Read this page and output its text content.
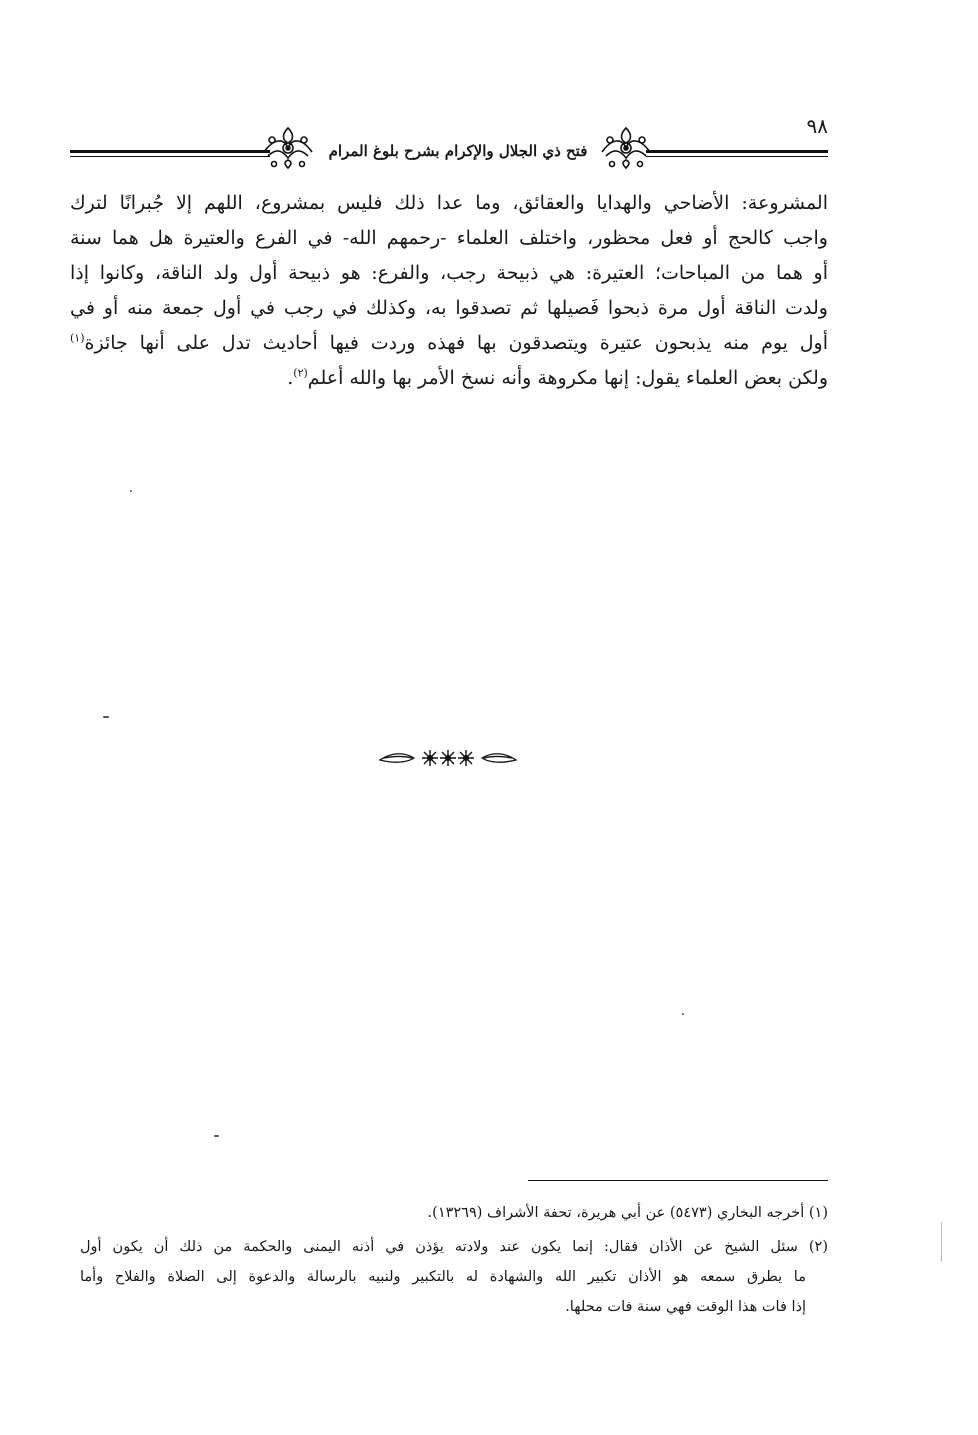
٩٨
فتح ذي الجلال والإكرام بشرح بلوغ المرام
المشروعة: الأضاحي والهدايا والعقائق، وما عدا ذلك فليس بمشروع، اللهم إلا جُبرانًا لترك
واجب كالحج أو فعل محظور، واختلف العلماء -رحمهم الله- في الفرع والعتيرة هل هما سنة
أو هما من المباحات؛ العتيرة: هي ذبيحة رجب، والفرع: هو ذبيحة أول ولد الناقة، وكانوا إذا
ولدت الناقة أول مرة ذبحوا فَصيلها ثم تصدقوا به، وكذلك في رجب في أول جمعة منه أو في
أول يوم منه يذبحون عتيرة ويتصدقون بها فهذه وردت فيها أحاديث تدل على أنها جائزة$^{(١)}$
ولكن بعض العلماء يقول: إنها مكروهة وأنه نسخ الأمر بها والله أعلم$^{(٢)}$.
(١) أخرجه البخاري (٥٤٧٣) عن أبي هريرة، تحفة الأشراف (١٣٢٦٩).
(٢) سئل الشيخ عن الأذان فقال: إنما يكون عند ولادته يؤذن في أذنه اليمنى والحكمة من ذلك أن يكون أول
ما يطرق سمعه هو الأذان تكبير الله والشهادة له بالتكبير ولنبيه بالرسالة والدعوة إلى الصلاة والفلاح وأما
إذا فات هذا الوقت فهي سنة فات محلها.
